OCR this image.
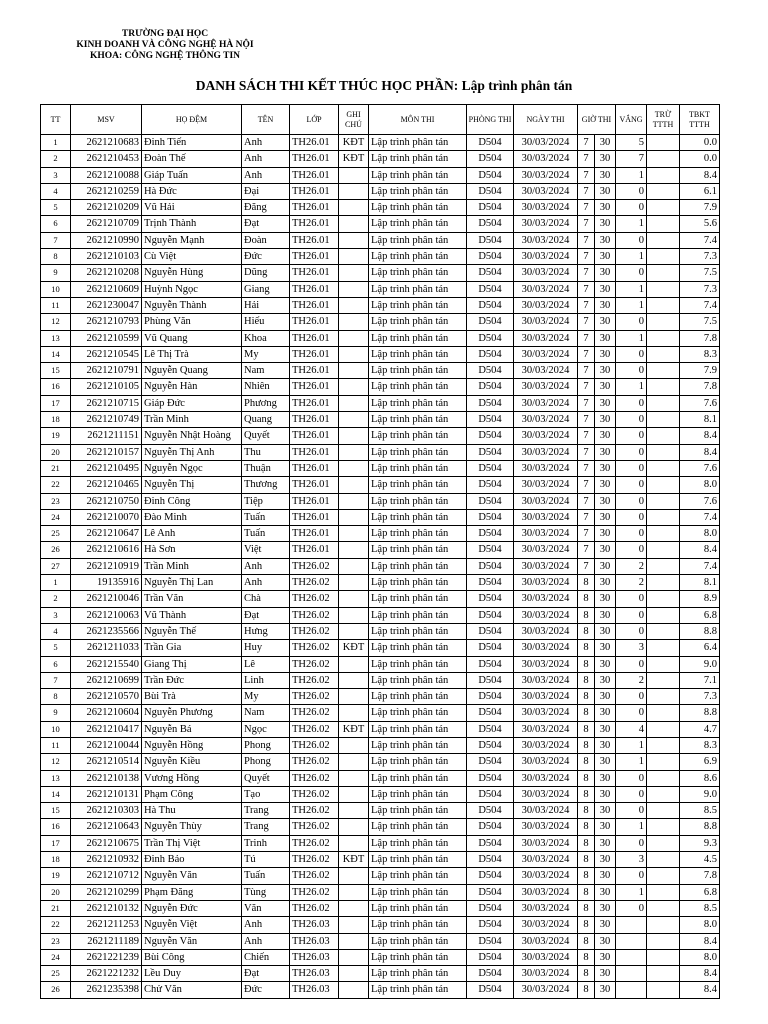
TRƯỜNG ĐẠI HỌC
KINH DOANH VÀ CÔNG NGHỆ HÀ NỘI
KHOA: CÔNG NGHỆ THÔNG TIN
DANH SÁCH THI KẾT THÚC HỌC PHẦN: Lập trình phân tán
TT	MSV	HỌ ĐỆM	TÊN	LỚP	GHI CHÚ	MÔN THI	PHÒNG THI	NGÀY THI	GIỜ THI		VẮNG	TRỪ TTTH	TBKT TTTH
1	2621210683	Đinh Tiến	Anh	TH26.01	KĐT	Lập trình phân tán	D504	30/03/2024	7	30	5		0.0
2	2621210453	Đoàn Thế	Anh	TH26.01	KĐT	Lập trình phân tán	D504	30/03/2024	7	30	7		0.0
3	2621210088	Giáp Tuấn	Anh	TH26.01		Lập trình phân tán	D504	30/03/2024	7	30	1		8.4
4	2621210259	Hà Đức	Đại	TH26.01		Lập trình phân tán	D504	30/03/2024	7	30	0		6.1
5	2621210209	Vũ Hải	Đăng	TH26.01		Lập trình phân tán	D504	30/03/2024	7	30	0		7.9
6	2621210709	Trịnh Thành	Đạt	TH26.01		Lập trình phân tán	D504	30/03/2024	7	30	1		5.6
7	2621210990	Nguyễn Mạnh	Đoàn	TH26.01		Lập trình phân tán	D504	30/03/2024	7	30	0		7.4
8	2621210103	Cù Việt	Đức	TH26.01		Lập trình phân tán	D504	30/03/2024	7	30	1		7.3
9	2621210208	Nguyễn Hùng	Dũng	TH26.01		Lập trình phân tán	D504	30/03/2024	7	30	0		7.5
10	2621210609	Huỳnh Ngọc	Giang	TH26.01		Lập trình phân tán	D504	30/03/2024	7	30	1		7.3
11	2621230047	Nguyễn Thành	Hải	TH26.01		Lập trình phân tán	D504	30/03/2024	7	30	1		7.4
12	2621210793	Phùng Văn	Hiếu	TH26.01		Lập trình phân tán	D504	30/03/2024	7	30	0		7.5
13	2621210599	Vũ Quang	Khoa	TH26.01		Lập trình phân tán	D504	30/03/2024	7	30	1		7.8
14	2621210545	Lê Thị Trà	My	TH26.01		Lập trình phân tán	D504	30/03/2024	7	30	0		8.3
15	2621210791	Nguyễn Quang	Nam	TH26.01		Lập trình phân tán	D504	30/03/2024	7	30	0		7.9
16	2621210105	Nguyễn Hàn	Nhiên	TH26.01		Lập trình phân tán	D504	30/03/2024	7	30	1		7.8
17	2621210715	Giáp Đức	Phương	TH26.01		Lập trình phân tán	D504	30/03/2024	7	30	0		7.6
18	2621210749	Trần Minh	Quang	TH26.01		Lập trình phân tán	D504	30/03/2024	7	30	0		8.1
19	2621211151	Nguyễn Nhật Hoàng	Quyết	TH26.01		Lập trình phân tán	D504	30/03/2024	7	30	0		8.4
20	2621210157	Nguyễn Thị Anh	Thu	TH26.01		Lập trình phân tán	D504	30/03/2024	7	30	0		8.4
21	2621210495	Nguyễn Ngọc	Thuận	TH26.01		Lập trình phân tán	D504	30/03/2024	7	30	0		7.6
22	2621210465	Nguyễn Thị	Thương	TH26.01		Lập trình phân tán	D504	30/03/2024	7	30	0		8.0
23	2621210750	Đinh Công	Tiệp	TH26.01		Lập trình phân tán	D504	30/03/2024	7	30	0		7.6
24	2621210070	Đào Minh	Tuấn	TH26.01		Lập trình phân tán	D504	30/03/2024	7	30	0		7.4
25	2621210647	Lê Anh	Tuấn	TH26.01		Lập trình phân tán	D504	30/03/2024	7	30	0		8.0
26	2621210616	Hà Sơn	Việt	TH26.01		Lập trình phân tán	D504	30/03/2024	7	30	0		8.4
27	2621210919	Trần Minh	Anh	TH26.02		Lập trình phân tán	D504	30/03/2024	7	30	2		7.4
1	19135916	Nguyễn Thị Lan	Anh	TH26.02		Lập trình phân tán	D504	30/03/2024	8	30	2		8.1
2	2621210046	Trần Văn	Chà	TH26.02		Lập trình phân tán	D504	30/03/2024	8	30	0		8.9
3	2621210063	Vũ Thành	Đạt	TH26.02		Lập trình phân tán	D504	30/03/2024	8	30	0		6.8
4	2621235566	Nguyễn Thế	Hưng	TH26.02		Lập trình phân tán	D504	30/03/2024	8	30	0		8.8
5	2621211033	Trần Gia	Huy	TH26.02	KĐT	Lập trình phân tán	D504	30/03/2024	8	30	3		6.4
6	2621215540	Giang Thị	Lê	TH26.02		Lập trình phân tán	D504	30/03/2024	8	30	0		9.0
7	2621210699	Trần Đức	Linh	TH26.02		Lập trình phân tán	D504	30/03/2024	8	30	2		7.1
8	2621210570	Bùi Trà	My	TH26.02		Lập trình phân tán	D504	30/03/2024	8	30	0		7.3
9	2621210604	Nguyễn Phương	Nam	TH26.02		Lập trình phân tán	D504	30/03/2024	8	30	0		8.8
10	2621210417	Nguyễn Bá	Ngọc	TH26.02	KĐT	Lập trình phân tán	D504	30/03/2024	8	30	4		4.7
11	2621210044	Nguyễn Hồng	Phong	TH26.02		Lập trình phân tán	D504	30/03/2024	8	30	1		8.3
12	2621210514	Nguyễn Kiều	Phong	TH26.02		Lập trình phân tán	D504	30/03/2024	8	30	1		6.9
13	2621210138	Vương Hồng	Quyết	TH26.02		Lập trình phân tán	D504	30/03/2024	8	30	0		8.6
14	2621210131	Phạm Công	Tạo	TH26.02		Lập trình phân tán	D504	30/03/2024	8	30	0		9.0
15	2621210303	Hà Thu	Trang	TH26.02		Lập trình phân tán	D504	30/03/2024	8	30	0		8.5
16	2621210643	Nguyễn Thùy	Trang	TH26.02		Lập trình phân tán	D504	30/03/2024	8	30	1		8.8
17	2621210675	Trần Thị Việt	Trinh	TH26.02		Lập trình phân tán	D504	30/03/2024	8	30	0		9.3
18	2621210932	Đinh Bảo	Tú	TH26.02	KĐT	Lập trình phân tán	D504	30/03/2024	8	30	3		4.5
19	2621210712	Nguyễn Văn	Tuấn	TH26.02		Lập trình phân tán	D504	30/03/2024	8	30	0		7.8
20	2621210299	Phạm Đăng	Tùng	TH26.02		Lập trình phân tán	D504	30/03/2024	8	30	1		6.8
21	2621210132	Nguyễn Đức	Văn	TH26.02		Lập trình phân tán	D504	30/03/2024	8	30	0		8.5
22	2621211253	Nguyễn Việt	Anh	TH26.03		Lập trình phân tán	D504	30/03/2024	8	30			8.0
23	2621211189	Nguyễn Văn	Anh	TH26.03		Lập trình phân tán	D504	30/03/2024	8	30			8.4
24	2621221239	Bùi Công	Chiến	TH26.03		Lập trình phân tán	D504	30/03/2024	8	30			8.0
25	2621221232	Lều Duy	Đạt	TH26.03		Lập trình phân tán	D504	30/03/2024	8	30			8.4
26	2621235398	Chử Văn	Đức	TH26.03		Lập trình phân tán	D504	30/03/2024	8	30			8.4
